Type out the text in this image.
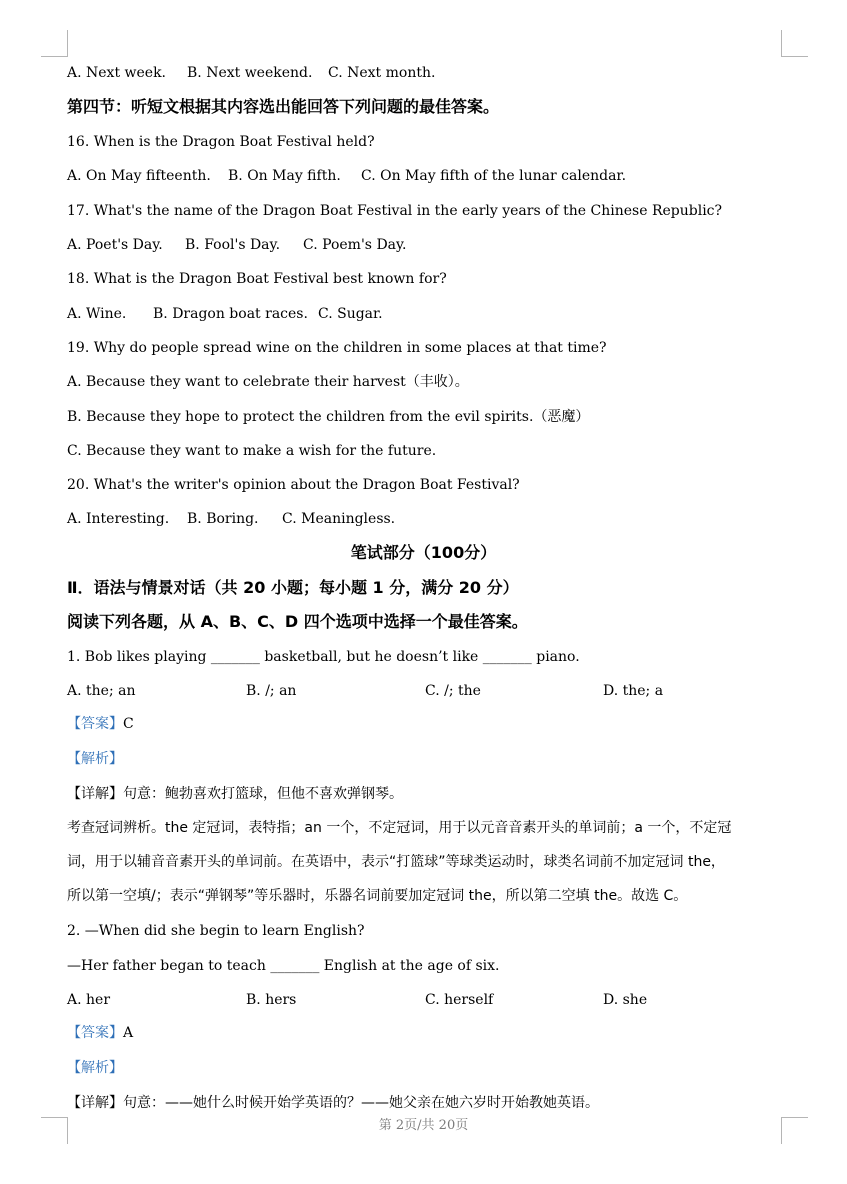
A. Next week. B. Next weekend. C. Next month.
第四节：听短文根据其内容选出能回答下列问题的最佳答案。
16. When is the Dragon Boat Festival held?
A. On May fifteenth. B. On May fifth. C. On May fifth of the lunar calendar.
17. What's the name of the Dragon Boat Festival in the early years of the Chinese Republic?
A. Poet's Day. B. Fool's Day. C. Poem's Day.
18. What is the Dragon Boat Festival best known for?
A. Wine. B. Dragon boat races. C. Sugar.
19. Why do people spread wine on the children in some places at that time?
A. Because they want to celebrate their harvest（丰收）。
B. Because they hope to protect the children from the evil spirits.（恶魔）
C. Because they want to make a wish for the future.
20. What's the writer's opinion about the Dragon Boat Festival?
A. Interesting. B. Boring. C. Meaningless.
笔试部分（100分）
Ⅱ．语法与情景对话（共 20 小题；每小题 1 分，满分 20 分）
阅读下列各题，从 A、B、C、D 四个选项中选择一个最佳答案。
1. Bob likes playing _______ basketball, but he doesn’t like _______ piano.
A. the; an	B. /; an	C. /; the	D. the; a
【答案】C
【解析】
【详解】句意：鲍勃喜欢打篮球，但他不喜欢弹钢琴。
考查冠词辨析。the 定冠词，表特指；an 一个，不定冠词，用于以元音音素开头的单词前；a 一个，不定冠
词，用于以辅音音素开头的单词前。在英语中，表示“打篮球”等球类运动时，球类名词前不加定冠词 the，
所以第一空填/；表示“弹钢琴”等乐器时，乐器名词前要加定冠词 the，所以第二空填 the。故选 C。
2. —When did she begin to learn English?
—Her father began to teach _______ English at the age of six.
A. her	B. hers	C. herself	D. she
【答案】A
【解析】
【详解】句意：——她什么时候开始学英语的？——她父亲在她六岁时开始教她英语。
第 2页/共 20页
